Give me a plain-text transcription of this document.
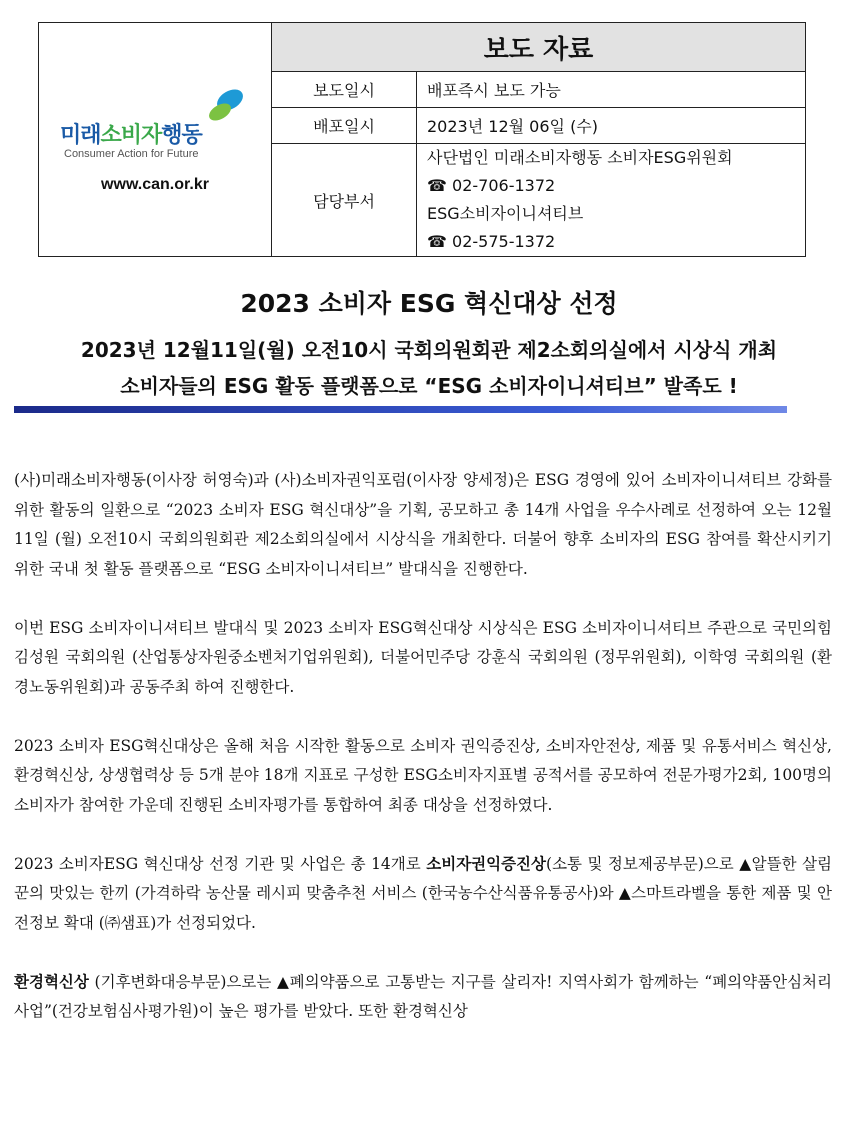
미래소비자행동
Consumer Action for Future
www.can.or.kr	보도 자료	
	보도일시	배포즉시 보도 가능
	배포일시	2023년 12월 06일 (수)
	담당부서	사단법인 미래소비자행동 소비자ESG위원회
☎ 02-706-1372
ESG소비자이니셔티브
☎ 02-575-1372
2023 소비자 ESG 혁신대상 선정
2023년 12월11일(월) 오전10시 국회의원회관 제2소회의실에서 시상식 개최
소비자들의 ESG 활동 플랫폼으로 “ESG 소비자이니셔티브” 발족도 !

(사)미래소비자행동(이사장 허영숙)과 (사)소비자권익포럼(이사장 양세정)은 ESG 경영에 있어 소비자이니셔티브 강화를 위한 활동의 일환으로 “2023 소비자 ESG 혁신대상”을 기획, 공모하고 총 14개 사업을 우수사례로 선정하여 오는 12월11일 (월) 오전10시 국회의원회관 제2소회의실에서 시상식을 개최한다. 더불어 향후 소비자의 ESG 참여를 확산시키기 위한 국내 첫 활동 플랫폼으로 “ESG 소비자이니셔티브” 발대식을 진행한다.

이번 ESG 소비자이니셔티브 발대식 및 2023 소비자 ESG혁신대상 시상식은 ESG 소비자이니셔티브 주관으로 국민의힘 김성원 국회의원 (산업통상자원중소벤처기업위원회), 더불어민주당 강훈식 국회의원 (정무위원회), 이학영 국회의원 (환경노동위원회)과 공동주최 하여 진행한다.

2023 소비자 ESG혁신대상은 올해 처음 시작한 활동으로 소비자 권익증진상, 소비자안전상, 제품 및 유통서비스 혁신상, 환경혁신상, 상생협력상 등 5개 분야 18개 지표로 구성한 ESG소비자지표별 공적서를 공모하여 전문가평가2회, 100명의 소비자가 참여한 가운데 진행된 소비자평가를 통합하여 최종 대상을 선정하였다.

2023 소비자ESG 혁신대상 선정 기관 및 사업은 총 14개로 소비자권익증진상(소통 및 정보제공부문)으로 ▲알뜰한 살림꾼의 맛있는 한끼 (가격하락 농산물 레시피 맞춤추천 서비스 (한국농수산식품유통공사)와 ▲스마트라벨을 통한 제품 및 안전정보 확대 (㈜샘표)가 선정되었다.

환경혁신상 (기후변화대응부문)으로는 ▲폐의약품으로 고통받는 지구를 살리자! 지역사회가 함께하는 “폐의약품안심처리 사업”(건강보험심사평가원)이 높은 평가를 받았다. 또한 환경혁신상
